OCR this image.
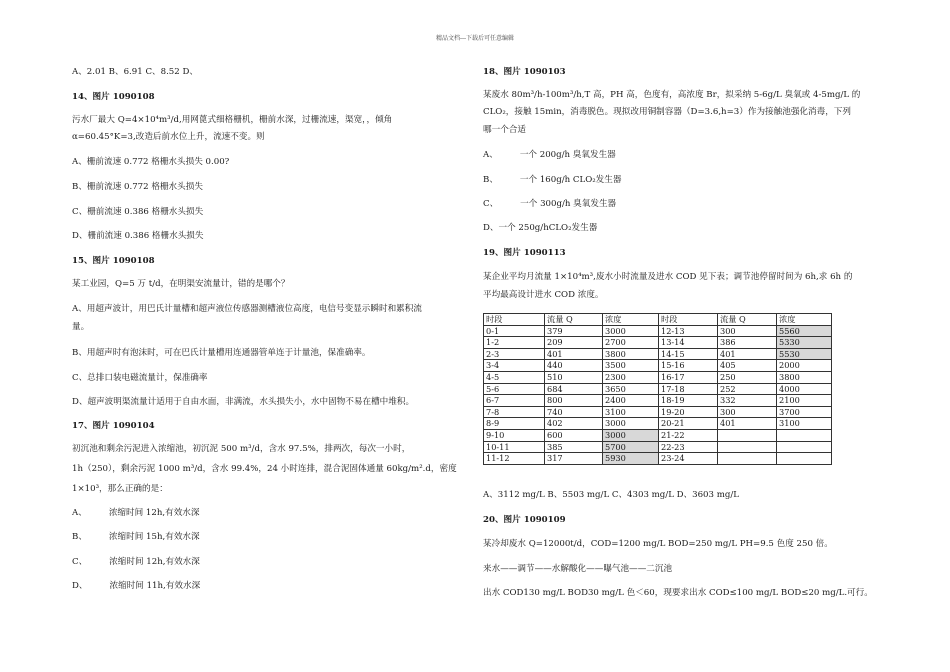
精品文档---下载后可任意编辑
A、2.01 B、6.91 C、8.52 D、
14、图片 1090108
污水厂最大 Q=4×10⁴m³/d,用网蓖式细格栅机，栅前水深，过栅流速，渠宽，，倾角
α=60.45°K=3,改造后前水位上升，流速不变。则
A、栅前流速 0.772 格栅水头损失 0.00?
B、栅前流速 0.772 格栅水头损失
C、栅前流速 0.386 格栅水头损失
D、栅前流速 0.386 格栅水头损失
15、图片 1090108
某工业园，Q=5 万 t/d，在明渠安流量计，错的是哪个？
A、用超声波计，用巴氏计量槽和超声液位传感器测槽液位高度，电信号变显示瞬时和累积流
量。
B、用超声时有泡沫时，可在巴氏计量槽用连通器管单连于计量池，保准确率。
C、总排口装电磁流量计，保准确率
D、超声波明渠流量计适用于自由水面，非满流，水头损失小，水中固物不易在槽中堆积。
17、图片 1090104
初沉池和剩余污泥进入浓缩池，初沉泥 500 m³/d，含水 97.5%，排两次，每次一小时，
1h（250），剩余污泥 1000 m³/d，含水 99.4%，24 小时连排，混合泥固体通量 60kg/m².d，密度
1×10³，那么正确的是：
A、	浓缩时间 12h,有效水深
B、	浓缩时间 15h,有效水深
C、	浓缩时间 12h,有效水深
D、	浓缩时间 11h,有效水深
18、图片 1090103
某废水 80m³/h-100m³/h,T 高，PH 高，色度有，高浓度 Br，拟采纳 5-6g/L 臭氧或 4-5mg/L 的
CLO₂，接触 15min，消毒脱色。现拟改用铜制容器（D=3.6,h=3）作为接触池强化消毒，下列
哪一个合适
A、	一个 200g/h 臭氧发生器
B、	一个 160g/h CLO₂发生器
C、	一个 300g/h 臭氧发生器
D、一个 250g/hCLO₂发生器
19、图片 1090113
某企业平均月流量 1×10⁴m³,废水小时流量及进水 COD 见下表；调节池停留时间为 6h,求 6h 的
平均最高设计进水 COD 浓度。
时段	流量 Q	浓度	时段	流量 Q	浓度
0-1	379	3000	12-13	300	5560
1-2	209	2700	13-14	386	5330
2-3	401	3800	14-15	401	5530
3-4	440	3500	15-16	405	2000
4-5	510	2300	16-17	250	3800
5-6	684	3650	17-18	252	4000
6-7	800	2400	18-19	332	2100
7-8	740	3100	19-20	300	3700
8-9	402	3000	20-21	401	3100
9-10	600	3000	21-22		
10-11	385	5700	22-23		
11-12	317	5930	23-24		
A、3112 mg/L B、5503 mg/L C、4303 mg/L D、3603 mg/L
20、图片 1090109
某冷却废水 Q=12000t/d，COD=1200 mg/L BOD=250 mg/L PH=9.5 色度 250 倍。
来水——调节——水解酸化——曝气池——二沉池
出水 COD130 mg/L BOD30 mg/L 色＜60，现要求出水 COD≤100 mg/L BOD≤20 mg/L.可行。
